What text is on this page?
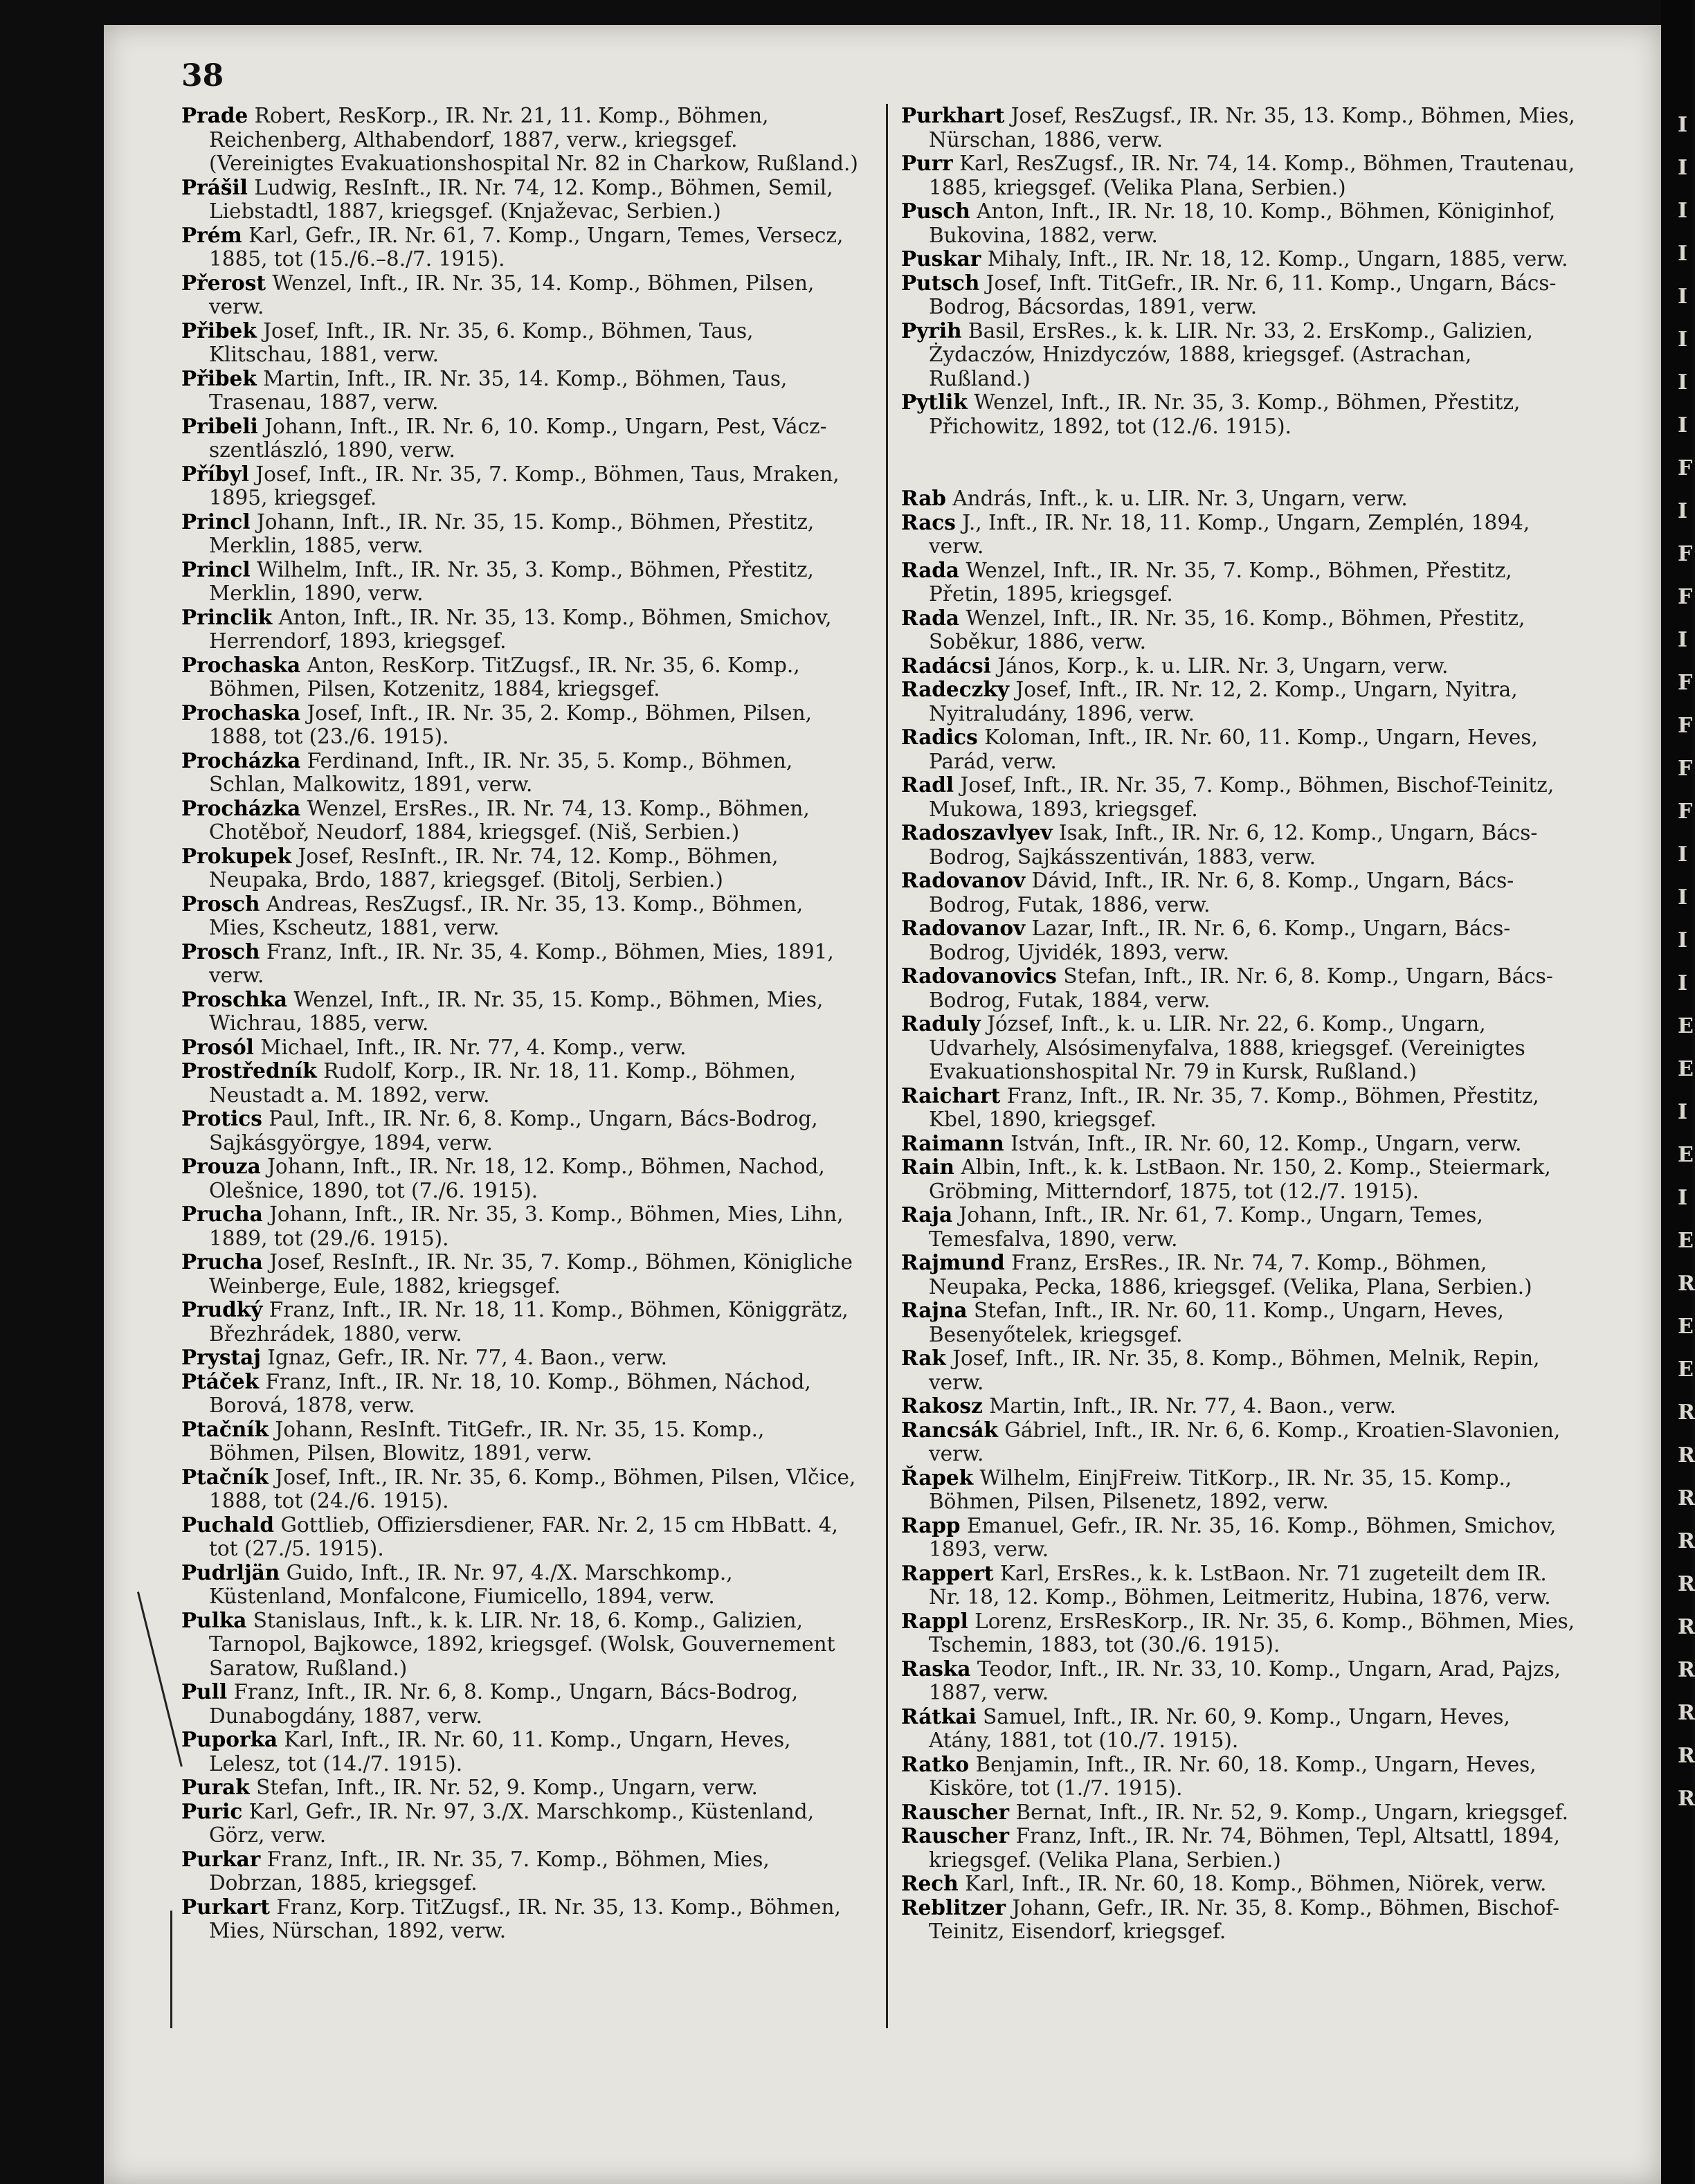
I
I
I
I
I
I
I
I
F
I
F
F
I
F
F
F
F
I
I
I
I
E
E
I
E
I
E
R
E
E
R
R
R
R
R
R
R
R
R
R
38
Prade Robert, ResKorp., IR. Nr. 21, 11. Komp., Böhmen, Reichenberg, Althabendorf, 1887, verw., kriegsgef. (Vereinigtes Evakuationshospital Nr. 82 in Charkow, Rußland.)
Prášil Ludwig, ResInft., IR. Nr. 74, 12. Komp., Böhmen, Semil, Liebstadtl, 1887, kriegsgef. (Knjaževac, Serbien.)
Prém Karl, Gefr., IR. Nr. 61, 7. Komp., Ungarn, Temes, Versecz, 1885, tot (15./6.–8./7. 1915).
Přerost Wenzel, Inft., IR. Nr. 35, 14. Komp., Böhmen, Pilsen, verw.
Přibek Josef, Inft., IR. Nr. 35, 6. Komp., Böhmen, Taus, Klitschau, 1881, verw.
Přibek Martin, Inft., IR. Nr. 35, 14. Komp., Böhmen, Taus, Trasenau, 1887, verw.
Pribeli Johann, Inft., IR. Nr. 6, 10. Komp., Ungarn, Pest, Vácz-szentlászló, 1890, verw.
Příbyl Josef, Inft., IR. Nr. 35, 7. Komp., Böhmen, Taus, Mraken, 1895, kriegsgef.
Princl Johann, Inft., IR. Nr. 35, 15. Komp., Böhmen, Přestitz, Merklin, 1885, verw.
Princl Wilhelm, Inft., IR. Nr. 35, 3. Komp., Böhmen, Přestitz, Merklin, 1890, verw.
Princlik Anton, Inft., IR. Nr. 35, 13. Komp., Böhmen, Smichov, Herrendorf, 1893, kriegsgef.
Prochaska Anton, ResKorp. TitZugsf., IR. Nr. 35, 6. Komp., Böhmen, Pilsen, Kotzenitz, 1884, kriegsgef.
Prochaska Josef, Inft., IR. Nr. 35, 2. Komp., Böhmen, Pilsen, 1888, tot (23./6. 1915).
Procházka Ferdinand, Inft., IR. Nr. 35, 5. Komp., Böhmen, Schlan, Malkowitz, 1891, verw.
Procházka Wenzel, ErsRes., IR. Nr. 74, 13. Komp., Böhmen, Chotěboř, Neudorf, 1884, kriegsgef. (Niš, Serbien.)
Prokupek Josef, ResInft., IR. Nr. 74, 12. Komp., Böhmen, Neupaka, Brdo, 1887, kriegsgef. (Bitolj, Serbien.)
Prosch Andreas, ResZugsf., IR. Nr. 35, 13. Komp., Böhmen, Mies, Kscheutz, 1881, verw.
Prosch Franz, Inft., IR. Nr. 35, 4. Komp., Böhmen, Mies, 1891, verw.
Proschka Wenzel, Inft., IR. Nr. 35, 15. Komp., Böhmen, Mies, Wichrau, 1885, verw.
Prosól Michael, Inft., IR. Nr. 77, 4. Komp., verw.
Prostředník Rudolf, Korp., IR. Nr. 18, 11. Komp., Böhmen, Neustadt a. M. 1892, verw.
Protics Paul, Inft., IR. Nr. 6, 8. Komp., Ungarn, Bács-Bodrog, Sajkásgyörgye, 1894, verw.
Prouza Johann, Inft., IR. Nr. 18, 12. Komp., Böhmen, Nachod, Olešnice, 1890, tot (7./6. 1915).
Prucha Johann, Inft., IR. Nr. 35, 3. Komp., Böhmen, Mies, Lihn, 1889, tot (29./6. 1915).
Prucha Josef, ResInft., IR. Nr. 35, 7. Komp., Böhmen, Königliche Weinberge, Eule, 1882, kriegsgef.
Prudký Franz, Inft., IR. Nr. 18, 11. Komp., Böhmen, Königgrätz, Březhrádek, 1880, verw.
Prystaj Ignaz, Gefr., IR. Nr. 77, 4. Baon., verw.
Ptáček Franz, Inft., IR. Nr. 18, 10. Komp., Böhmen, Náchod, Borová, 1878, verw.
Ptačník Johann, ResInft. TitGefr., IR. Nr. 35, 15. Komp., Böhmen, Pilsen, Blowitz, 1891, verw.
Ptačník Josef, Inft., IR. Nr. 35, 6. Komp., Böhmen, Pilsen, Vlčice, 1888, tot (24./6. 1915).
Puchald Gottlieb, Offiziersdiener, FAR. Nr. 2, 15 cm HbBatt. 4, tot (27./5. 1915).
Pudrljän Guido, Inft., IR. Nr. 97, 4./X. Marschkomp., Küstenland, Monfalcone, Fiumicello, 1894, verw.
Pulka Stanislaus, Inft., k. k. LIR. Nr. 18, 6. Komp., Galizien, Tarnopol, Bajkowce, 1892, kriegsgef. (Wolsk, Gouvernement Saratow, Rußland.)
Pull Franz, Inft., IR. Nr. 6, 8. Komp., Ungarn, Bács-Bodrog, Dunabogdány, 1887, verw.
Puporka Karl, Inft., IR. Nr. 60, 11. Komp., Ungarn, Heves, Lelesz, tot (14./7. 1915).
Purak Stefan, Inft., IR. Nr. 52, 9. Komp., Ungarn, verw.
Puric Karl, Gefr., IR. Nr. 97, 3./X. Marschkomp., Küstenland, Görz, verw.
Purkar Franz, Inft., IR. Nr. 35, 7. Komp., Böhmen, Mies, Dobrzan, 1885, kriegsgef.
Purkart Franz, Korp. TitZugsf., IR. Nr. 35, 13. Komp., Böhmen, Mies, Nürschan, 1892, verw.
Purkhart Josef, ResZugsf., IR. Nr. 35, 13. Komp., Böhmen, Mies, Nürschan, 1886, verw.
Purr Karl, ResZugsf., IR. Nr. 74, 14. Komp., Böhmen, Trautenau, 1885, kriegsgef. (Velika Plana, Serbien.)
Pusch Anton, Inft., IR. Nr. 18, 10. Komp., Böhmen, Königinhof, Bukovina, 1882, verw.
Puskar Mihaly, Inft., IR. Nr. 18, 12. Komp., Ungarn, 1885, verw.
Putsch Josef, Inft. TitGefr., IR. Nr. 6, 11. Komp., Ungarn, Bács-Bodrog, Bácsordas, 1891, verw.
Pyrih Basil, ErsRes., k. k. LIR. Nr. 33, 2. ErsKomp., Galizien, Żydaczów, Hnizdyczów, 1888, kriegsgef. (Astrachan, Rußland.)
Pytlik Wenzel, Inft., IR. Nr. 35, 3. Komp., Böhmen, Přestitz, Přichowitz, 1892, tot (12./6. 1915).
Rab András, Inft., k. u. LIR. Nr. 3, Ungarn, verw.
Racs J., Inft., IR. Nr. 18, 11. Komp., Ungarn, Zemplén, 1894, verw.
Rada Wenzel, Inft., IR. Nr. 35, 7. Komp., Böhmen, Přestitz, Přetin, 1895, kriegsgef.
Rada Wenzel, Inft., IR. Nr. 35, 16. Komp., Böhmen, Přestitz, Soběkur, 1886, verw.
Radácsi János, Korp., k. u. LIR. Nr. 3, Ungarn, verw.
Radeczky Josef, Inft., IR. Nr. 12, 2. Komp., Ungarn, Nyitra, Nyitraludány, 1896, verw.
Radics Koloman, Inft., IR. Nr. 60, 11. Komp., Ungarn, Heves, Parád, verw.
Radl Josef, Inft., IR. Nr. 35, 7. Komp., Böhmen, Bischof-Teinitz, Mukowa, 1893, kriegsgef.
Radoszavlyev Isak, Inft., IR. Nr. 6, 12. Komp., Ungarn, Bács-Bodrog, Sajkásszentiván, 1883, verw.
Radovanov Dávid, Inft., IR. Nr. 6, 8. Komp., Ungarn, Bács-Bodrog, Futak, 1886, verw.
Radovanov Lazar, Inft., IR. Nr. 6, 6. Komp., Ungarn, Bács-Bodrog, Ujvidék, 1893, verw.
Radovanovics Stefan, Inft., IR. Nr. 6, 8. Komp., Ungarn, Bács-Bodrog, Futak, 1884, verw.
Raduly József, Inft., k. u. LIR. Nr. 22, 6. Komp., Ungarn, Udvarhely, Alsósimenyfalva, 1888, kriegsgef. (Vereinigtes Evakuationshospital Nr. 79 in Kursk, Rußland.)
Raichart Franz, Inft., IR. Nr. 35, 7. Komp., Böhmen, Přestitz, Kbel, 1890, kriegsgef.
Raimann István, Inft., IR. Nr. 60, 12. Komp., Ungarn, verw.
Rain Albin, Inft., k. k. LstBaon. Nr. 150, 2. Komp., Steiermark, Gröbming, Mitterndorf, 1875, tot (12./7. 1915).
Raja Johann, Inft., IR. Nr. 61, 7. Komp., Ungarn, Temes, Temesfalva, 1890, verw.
Rajmund Franz, ErsRes., IR. Nr. 74, 7. Komp., Böhmen, Neupaka, Pecka, 1886, kriegsgef. (Velika, Plana, Serbien.)
Rajna Stefan, Inft., IR. Nr. 60, 11. Komp., Ungarn, Heves, Besenyőtelek, kriegsgef.
Rak Josef, Inft., IR. Nr. 35, 8. Komp., Böhmen, Melnik, Repin, verw.
Rakosz Martin, Inft., IR. Nr. 77, 4. Baon., verw.
Rancsák Gábriel, Inft., IR. Nr. 6, 6. Komp., Kroatien-Slavonien, verw.
Řapek Wilhelm, EinjFreiw. TitKorp., IR. Nr. 35, 15. Komp., Böhmen, Pilsen, Pilsenetz, 1892, verw.
Rapp Emanuel, Gefr., IR. Nr. 35, 16. Komp., Böhmen, Smichov, 1893, verw.
Rappert Karl, ErsRes., k. k. LstBaon. Nr. 71 zugeteilt dem IR. Nr. 18, 12. Komp., Böhmen, Leitmeritz, Hubina, 1876, verw.
Rappl Lorenz, ErsResKorp., IR. Nr. 35, 6. Komp., Böhmen, Mies, Tschemin, 1883, tot (30./6. 1915).
Raska Teodor, Inft., IR. Nr. 33, 10. Komp., Ungarn, Arad, Pajzs, 1887, verw.
Rátkai Samuel, Inft., IR. Nr. 60, 9. Komp., Ungarn, Heves, Atány, 1881, tot (10./7. 1915).
Ratko Benjamin, Inft., IR. Nr. 60, 18. Komp., Ungarn, Heves, Kisköre, tot (1./7. 1915).
Rauscher Bernat, Inft., IR. Nr. 52, 9. Komp., Ungarn, kriegsgef.
Rauscher Franz, Inft., IR. Nr. 74, Böhmen, Tepl, Altsattl, 1894, kriegsgef. (Velika Plana, Serbien.)
Rech Karl, Inft., IR. Nr. 60, 18. Komp., Böhmen, Niörek, verw.
Reblitzer Johann, Gefr., IR. Nr. 35, 8. Komp., Böhmen, Bischof-Teinitz, Eisendorf, kriegsgef.
